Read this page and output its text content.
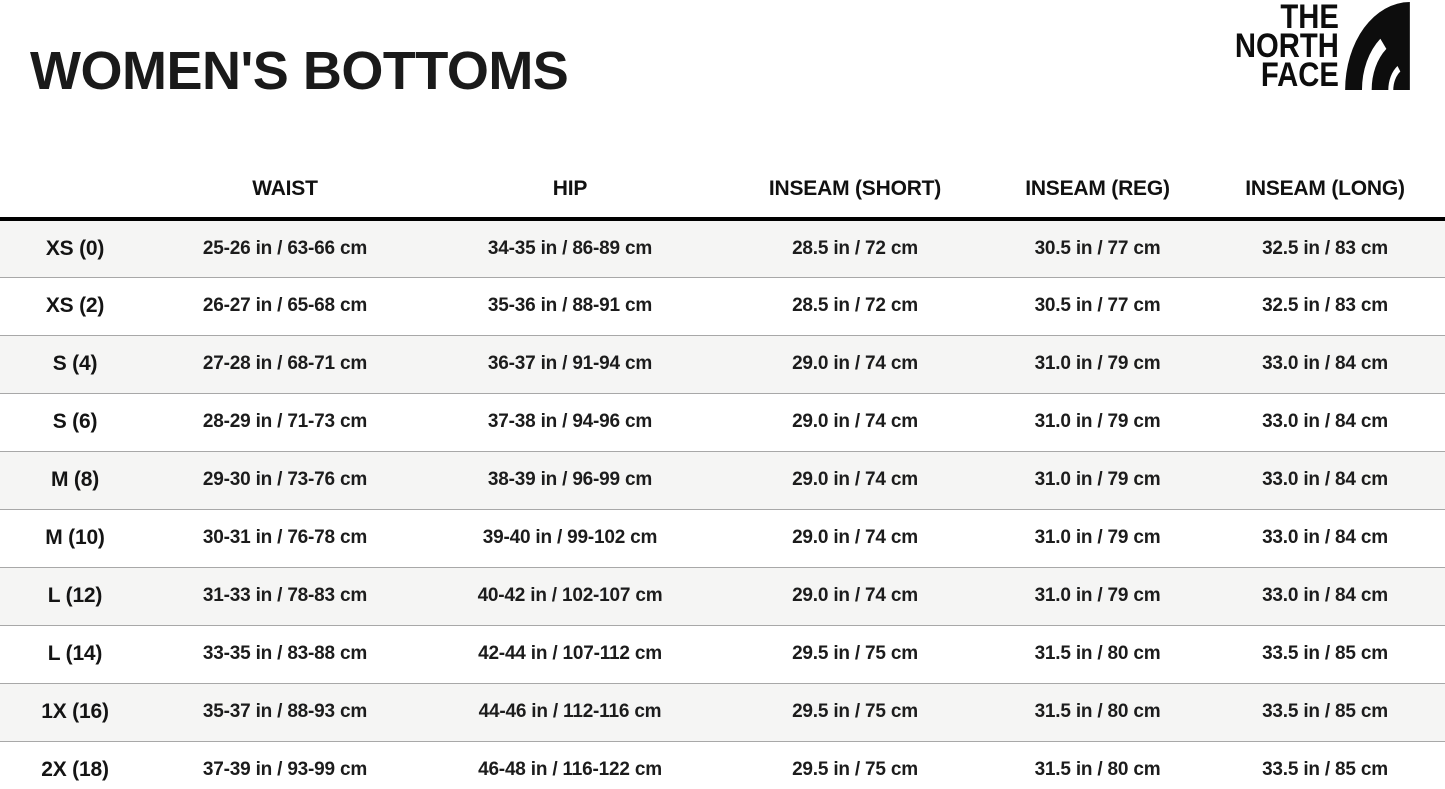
WOMEN'S BOTTOMS
THE
NORTH
FACE
	WAIST	HIP	INSEAM (SHORT)	INSEAM (REG)	INSEAM (LONG)
XS (0)	25-26 in / 63-66 cm	34-35 in / 86-89 cm	28.5 in / 72 cm	30.5 in / 77 cm	32.5 in / 83 cm
XS (2)	26-27 in / 65-68 cm	35-36 in / 88-91 cm	28.5 in / 72 cm	30.5 in / 77 cm	32.5 in / 83 cm
S (4)	27-28 in / 68-71 cm	36-37 in / 91-94 cm	29.0 in / 74 cm	31.0 in / 79 cm	33.0 in / 84 cm
S (6)	28-29 in / 71-73 cm	37-38 in / 94-96 cm	29.0 in / 74 cm	31.0 in / 79 cm	33.0 in / 84 cm
M (8)	29-30 in / 73-76 cm	38-39 in / 96-99 cm	29.0 in / 74 cm	31.0 in / 79 cm	33.0 in / 84 cm
M (10)	30-31 in / 76-78 cm	39-40 in / 99-102 cm	29.0 in / 74 cm	31.0 in / 79 cm	33.0 in / 84 cm
L (12)	31-33 in / 78-83 cm	40-42 in / 102-107 cm	29.0 in / 74 cm	31.0 in / 79 cm	33.0 in / 84 cm
L (14)	33-35 in / 83-88 cm	42-44 in / 107-112 cm	29.5 in / 75 cm	31.5 in / 80 cm	33.5 in / 85 cm
1X (16)	35-37 in / 88-93 cm	44-46 in / 112-116 cm	29.5 in / 75 cm	31.5 in / 80 cm	33.5 in / 85 cm
2X (18)	37-39 in / 93-99 cm	46-48 in / 116-122 cm	29.5 in / 75 cm	31.5 in / 80 cm	33.5 in / 85 cm
